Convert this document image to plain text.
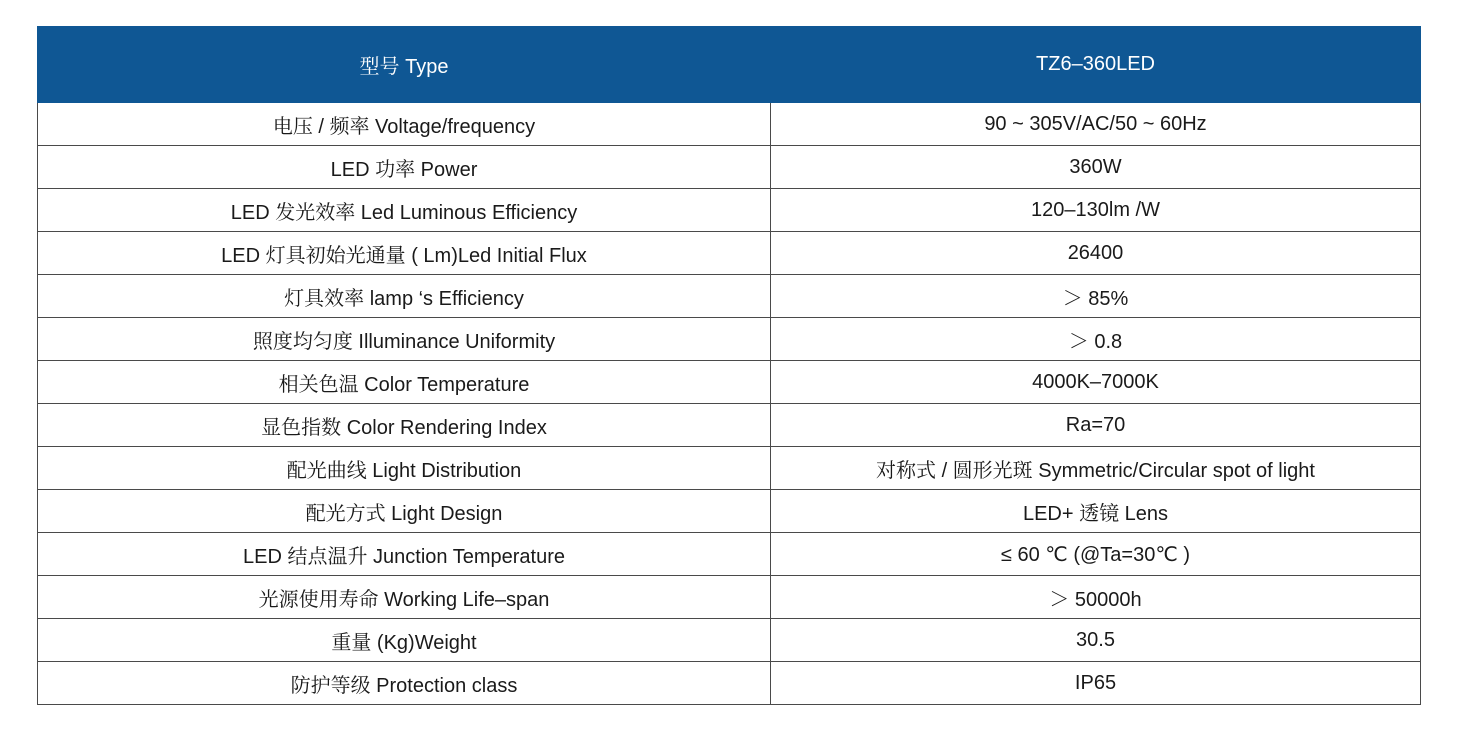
型号 Type	TZ6–360LED
电压 / 频率 Voltage/frequency	90 ~ 305V/AC/50 ~ 60Hz
LED 功率 Power	360W
LED 发光效率 Led Luminous Efficiency	120–130lm /W
LED 灯具初始光通量 ( Lm)Led Initial Flux	26400
灯具效率 lamp ‘s Efficiency	＞ 85%
照度均匀度 Illuminance Uniformity	＞ 0.8
相关色温 Color Temperature	4000K–7000K
显色指数 Color Rendering Index	Ra=70
配光曲线 Light Distribution	对称式 / 圆形光斑 Symmetric/Circular spot of light
配光方式 Light Design	LED+ 透镜 Lens
LED 结点温升 Junction Temperature	≤ 60 ℃ (@Ta=30℃ )
光源使用寿命 Working Life–span	＞ 50000h
重量 (Kg)Weight	30.5
防护等级 Protection class	IP65
